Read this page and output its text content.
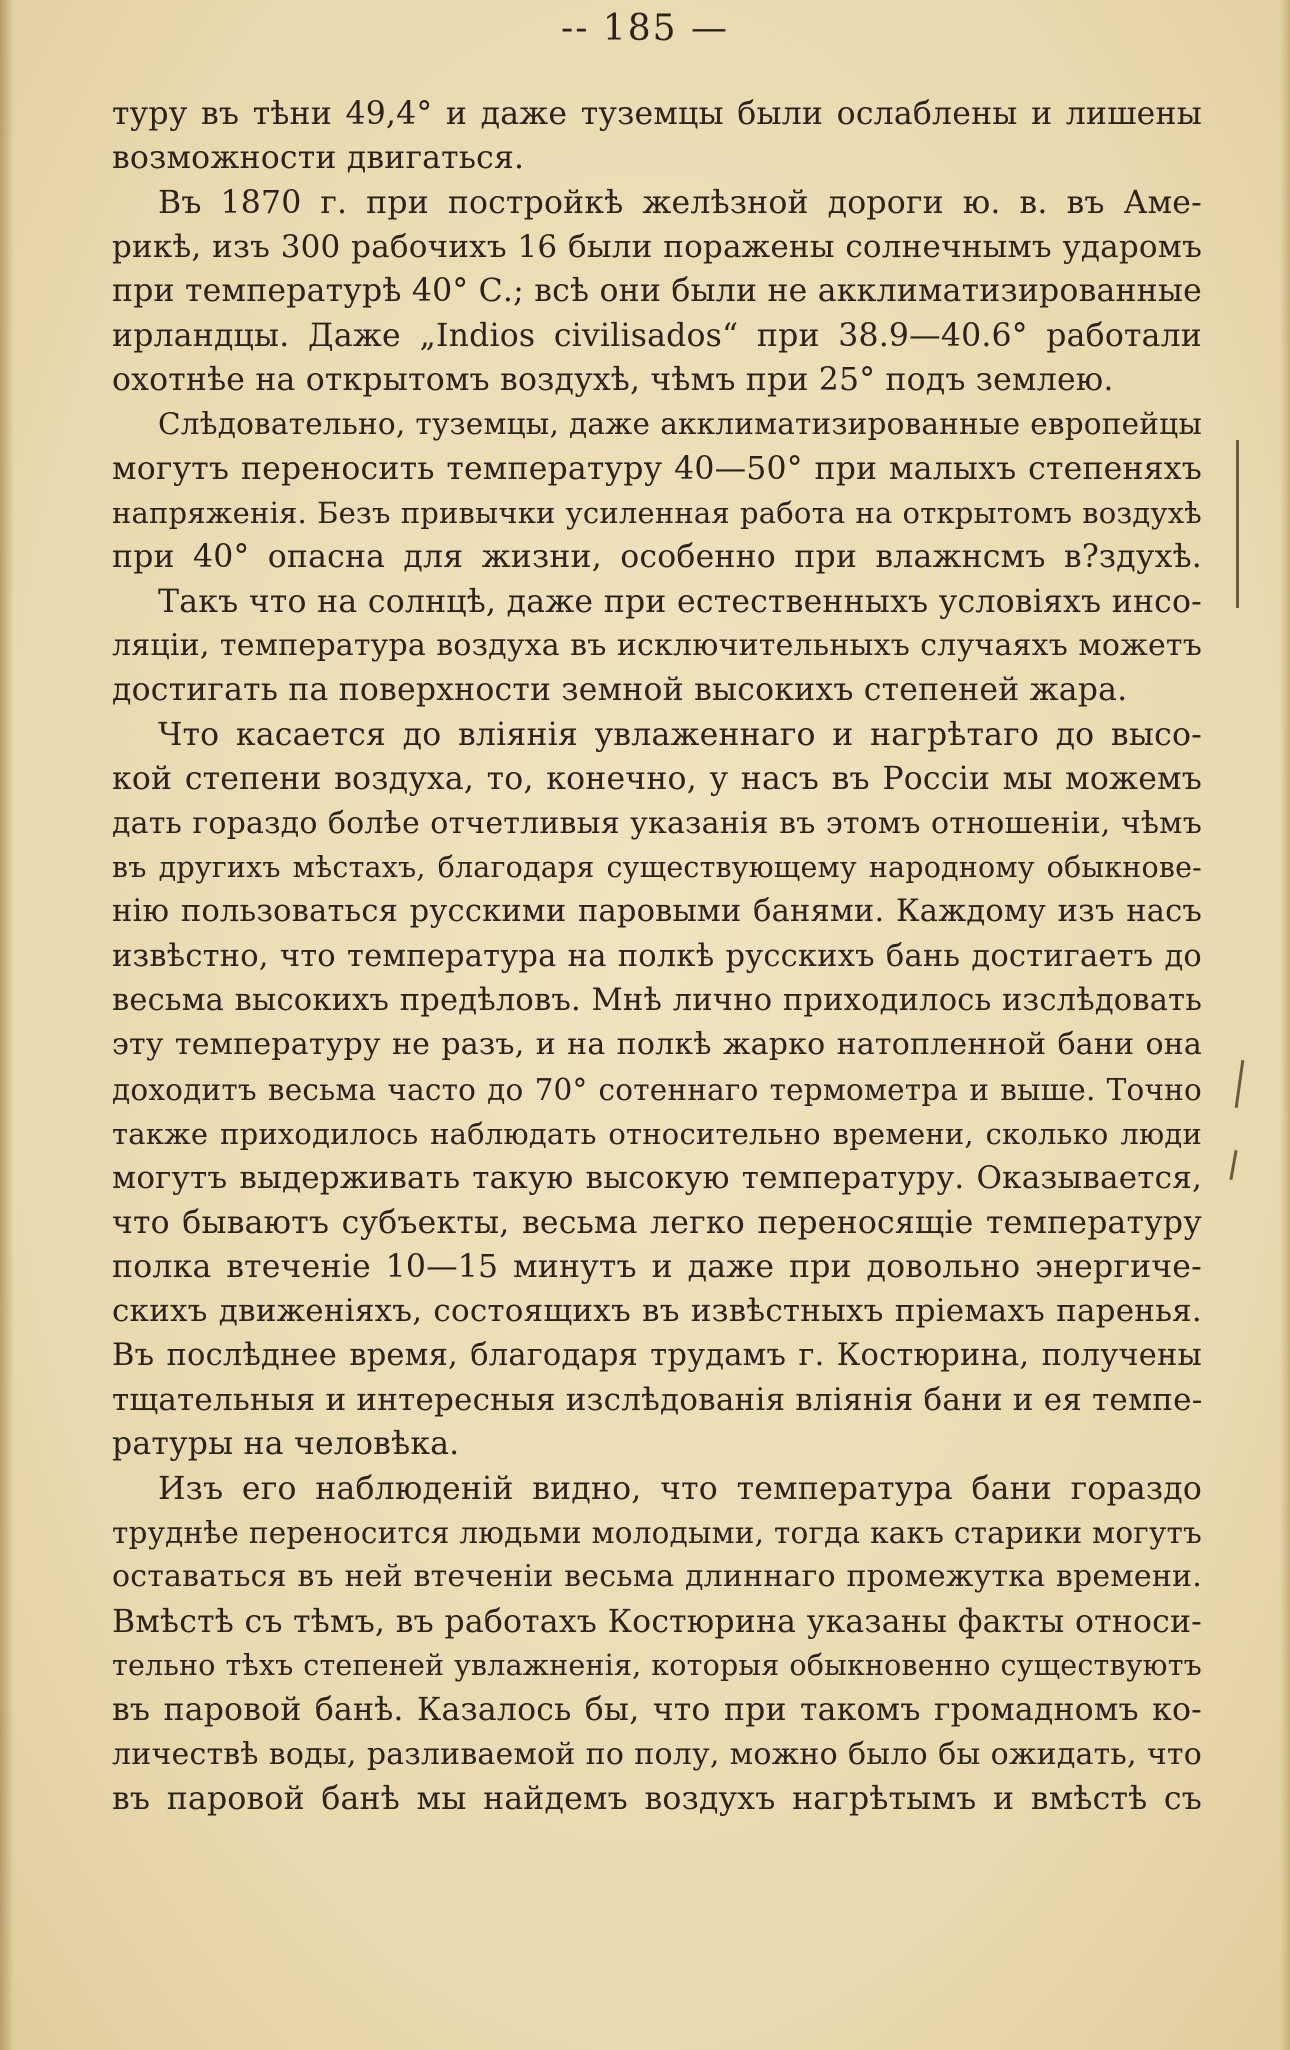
-- 185 —
туру въ тѣни 49,4° и даже туземцы были ослаблены и лишены
возможности двигаться.
Въ 1870 г. при постройкѣ желѣзной дороги ю. в. въ Аме-
рикѣ, изъ 300 рабочихъ 16 были поражены солнечнымъ ударомъ
при температурѣ 40° С.; всѣ они были не акклиматизированные
ирландцы. Даже „Indios civilisados“ при 38.9—40.6° работали
охотнѣе на открытомъ воздухѣ, чѣмъ при 25° подъ землею.
Слѣдовательно, туземцы, даже акклиматизированные европейцы
могутъ переносить температуру 40—50° при малыхъ степеняхъ
напряженія. Безъ привычки усиленная работа на открытомъ воздухѣ
при 40° опасна для жизни, особенно при влажнсмъ в?здухѣ.
Такъ что на солнцѣ, даже при естественныхъ условіяхъ инсо-
ляціи, температура воздуха въ исключительныхъ случаяхъ можетъ
достигать па поверхности земной высокихъ степеней жара.
Что касается до вліянія увлаженнаго и нагрѣтаго до высо-
кой степени воздуха, то, конечно, у насъ въ Россіи мы можемъ
дать гораздо болѣе отчетливыя указанія въ этомъ отношеніи, чѣмъ
въ другихъ мѣстахъ, благодаря существующему народному обыкнове-
нію пользоваться русскими паровыми банями. Каждому изъ насъ
извѣстно, что температура на полкѣ русскихъ бань достигаетъ до
весьма высокихъ предѣловъ. Мнѣ лично приходилось изслѣдовать
эту температуру не разъ, и на полкѣ жарко натопленной бани она
доходитъ весьма часто до 70° сотеннаго термометра и выше. Точно
также приходилось наблюдать относительно времени, сколько люди
могутъ выдерживать такую высокую температуру. Оказывается,
что бываютъ субъекты, весьма легко переносящіе температуру
полка втеченіе 10—15 минутъ и даже при довольно энергиче-
скихъ движеніяхъ, состоящихъ въ извѣстныхъ пріемахъ паренья.
Въ послѣднее время, благодаря трудамъ г. Костюрина, получены
тщательныя и интересныя изслѣдованія вліянія бани и ея темпе-
ратуры на человѣка.
Изъ его наблюденій видно, что температура бани гораздо
труднѣе переносится людьми молодыми, тогда какъ старики могутъ
оставаться въ ней втеченіи весьма длиннаго промежутка времени.
Вмѣстѣ съ тѣмъ, въ работахъ Костюрина указаны факты относи-
тельно тѣхъ степеней увлажненія, которыя обыкновенно существуютъ
въ паровой банѣ. Казалось бы, что при такомъ громадномъ ко-
личествѣ воды, разливаемой по полу, можно было бы ожидать, что
въ паровой банѣ мы найдемъ воздухъ нагрѣтымъ и вмѣстѣ съ
